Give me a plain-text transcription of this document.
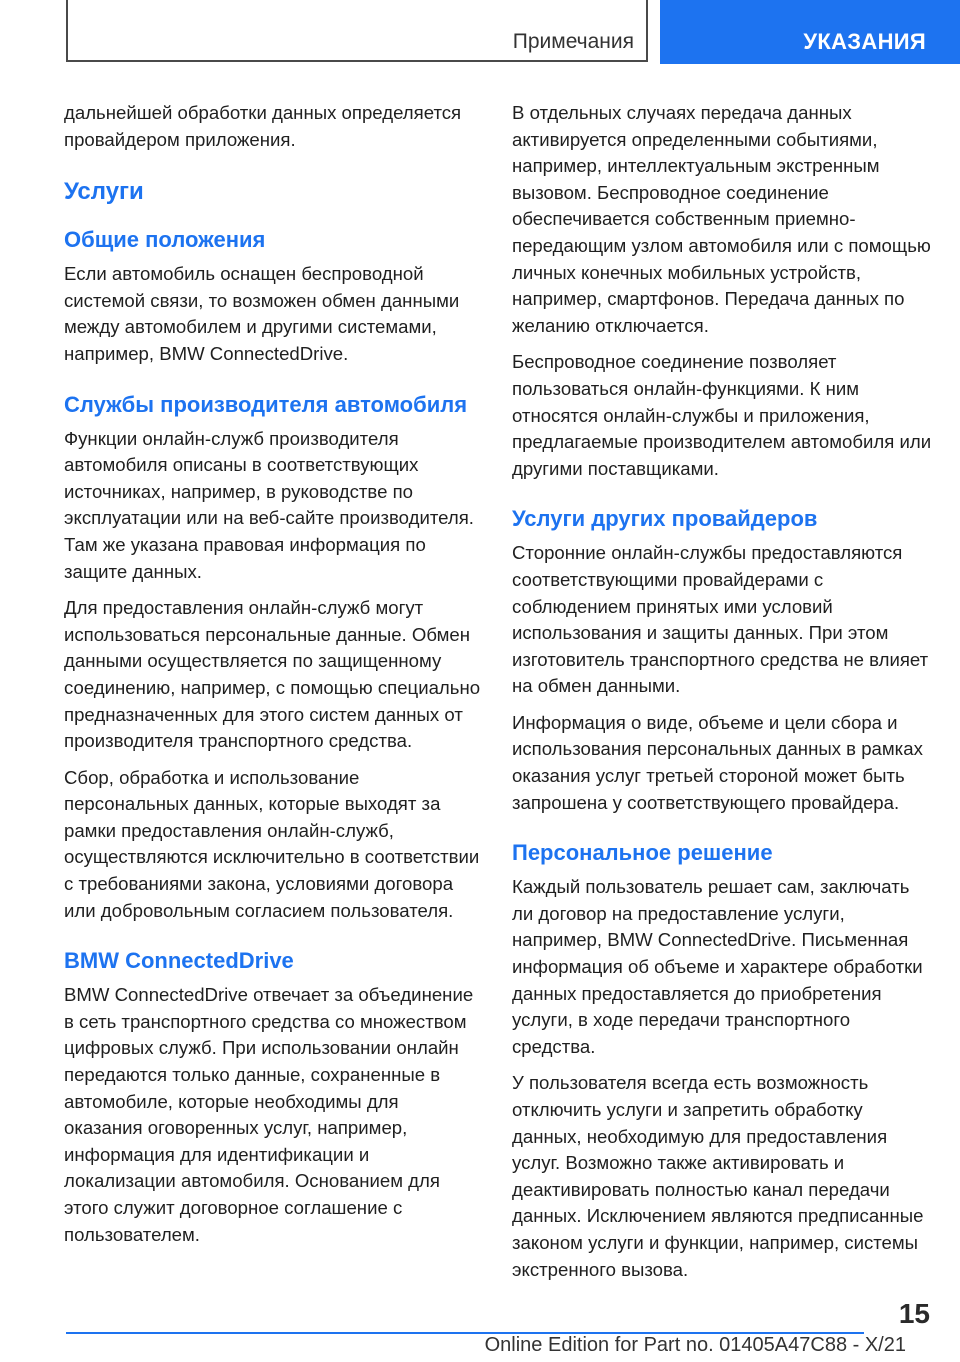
Примечания	УКАЗАНИЯ

дальнейшей обработки данных определяется провайдером приложения.

Услуги
Общие положения

Если автомобиль оснащен беспроводной системой связи, то возможен обмен данными между автомобилем и другими системами, например, BMW ConnectedDrive.

Службы производителя автомобиля

Функции онлайн-служб производителя автомобиля описаны в соответствующих источниках, например, в руководстве по эксплуатации или на веб-сайте производителя. Там же указана правовая информация по защите данных.

Для предоставления онлайн-служб могут использоваться персональные данные. Обмен данными осуществляется по защищенному соединению, например, с помощью специально предназначенных для этого систем данных от производителя транспортного средства.

Сбор, обработка и использование персональных данных, которые выходят за рамки предоставления онлайн-служб, осуществляются исключительно в соответствии с требованиями закона, условиями договора или добровольным согласием пользователя.

BMW ConnectedDrive

BMW ConnectedDrive отвечает за объединение в сеть транспортного средства со множеством цифровых служб. При использовании онлайн передаются только данные, сохраненные в автомобиле, которые необходимы для оказания оговоренных услуг, например, информация для идентификации и локализации автомобиля. Основанием для этого служит договорное соглашение с пользователем.

В отдельных случаях передача данных активируется определенными событиями, например, интеллектуальным экстренным вызовом. Беспроводное соединение обеспечивается собственным приемно-передающим узлом автомобиля или с помощью личных конечных мобильных устройств, например, смартфонов. Передача данных по желанию отключается.

Беспроводное соединение позволяет пользоваться онлайн-функциями. К ним относятся онлайн-службы и приложения, предлагаемые производителем автомобиля или другими поставщиками.

Услуги других провайдеров

Сторонние онлайн-службы предоставляются соответствующими провайдерами с соблюдением принятых ими условий использования и защиты данных. При этом изготовитель транспортного средства не влияет на обмен данными.

Информация о виде, объеме и цели сбора и использования персональных данных в рамках оказания услуг третьей стороной может быть запрошена у соответствующего провайдера.

Персональное решение

Каждый пользователь решает сам, заключать ли договор на предоставление услуги, например, BMW ConnectedDrive. Письменная информация об объеме и характере обработки данных предоставляется до приобретения услуги, в ходе передачи транспортного средства.

У пользователя всегда есть возможность отключить услуги и запретить обработку данных, необходимую для предоставления услуг. Возможно также активировать и деактивировать полностью канал передачи данных. Исключением являются предписанные законом услуги и функции, например, системы экстренного вызова.

15
Online Edition for Part no. 01405A47C88 - X/21
